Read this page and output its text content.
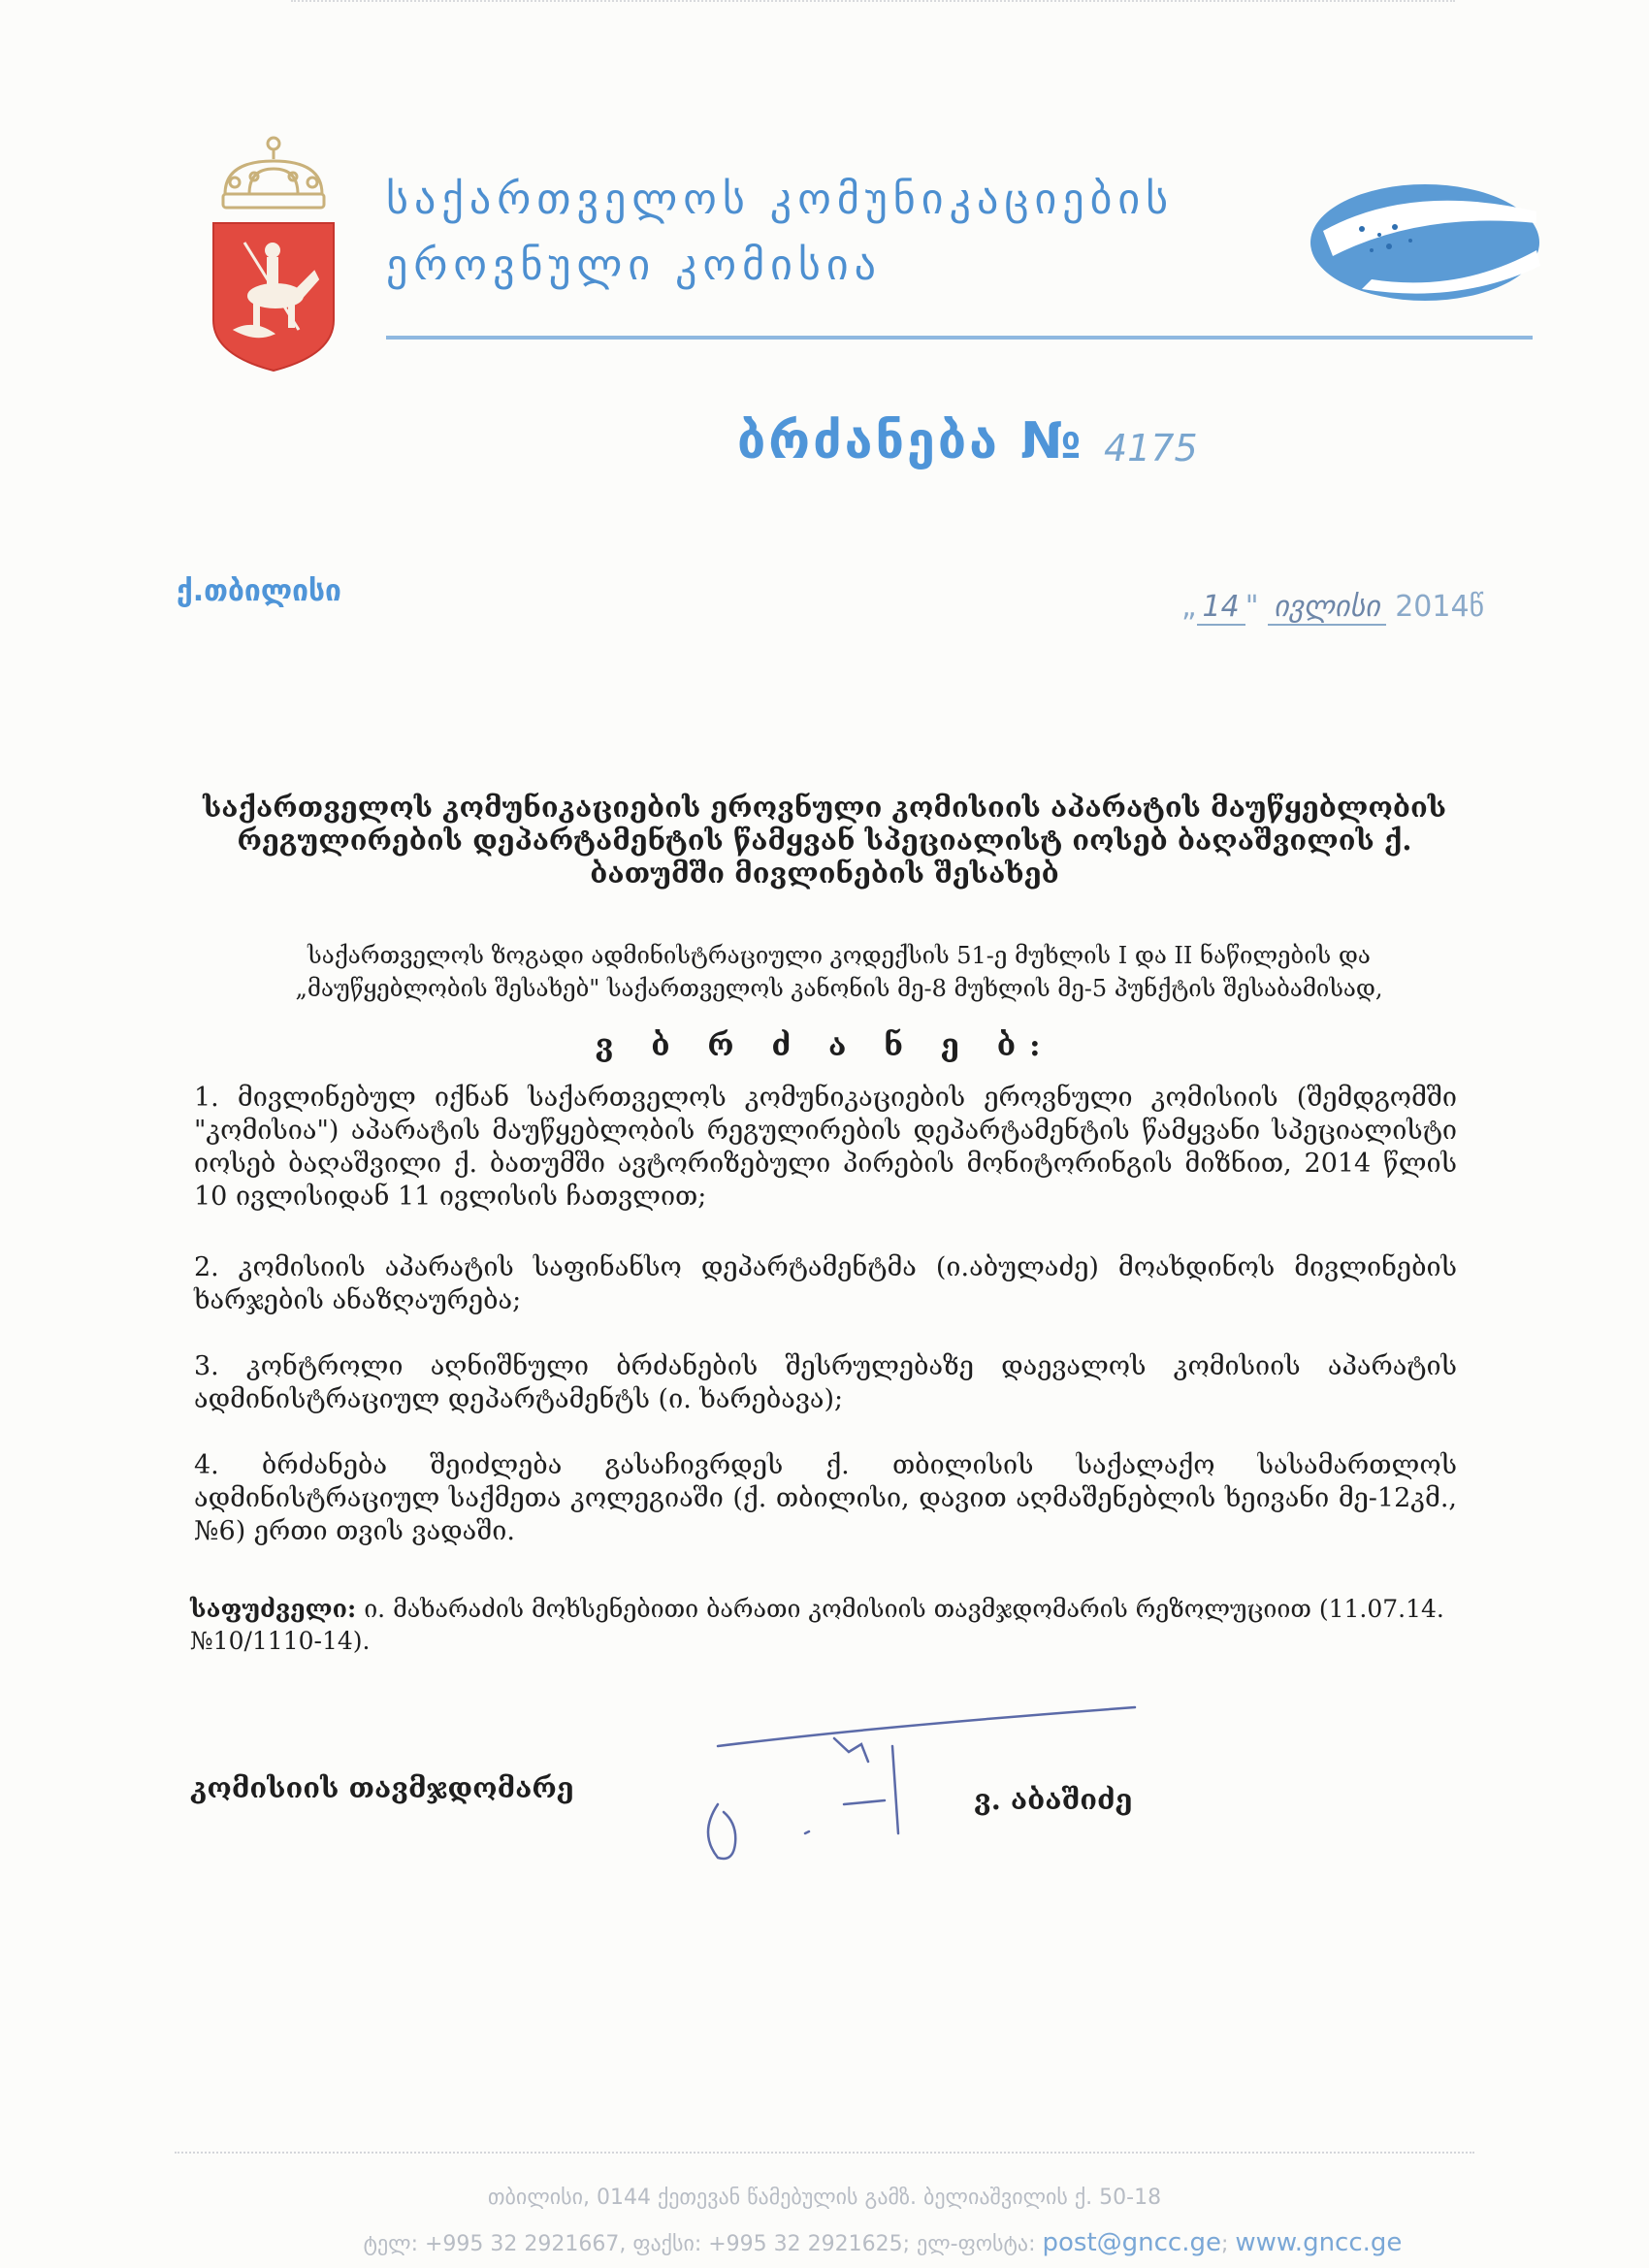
საქართველოს კომუნიკაციების
ეროვნული კომისია
ბრძანება № 4175
ქ.თბილისი	„ 14 " ივლისი 2014წ
საქართველოს კომუნიკაციების ეროვნული კომისიის აპარატის მაუწყებლობის რეგულირების დეპარტამენტის წამყვან სპეციალისტ იოსებ ბაღაშვილის ქ. ბათუმში მივლინების შესახებ
საქართველოს ზოგადი ადმინისტრაციული კოდექსის 51-ე მუხლის I და II ნაწილების და „მაუწყებლობის შესახებ" საქართველოს კანონის მე-8 მუხლის მე-5 პუნქტის შესაბამისად,
ვ ბ რ ძ ა ნ ე ბ:
1. მივლინებულ იქნან საქართველოს კომუნიკაციების ეროვნული კომისიის (შემდგომში "კომისია") აპარატის მაუწყებლობის რეგულირების დეპარტამენტის წამყვანი სპეციალისტი იოსებ ბაღაშვილი ქ. ბათუმში ავტორიზებული პირების მონიტორინგის მიზნით, 2014 წლის 10 ივლისიდან 11 ივლისის ჩათვლით;
2. კომისიის აპარატის საფინანსო დეპარტამენტმა (ი.აბულაძე) მოახდინოს მივლინების ხარჯების ანაზღაურება;
3. კონტროლი აღნიშნული ბრძანების შესრულებაზე დაევალოს კომისიის აპარატის ადმინისტრაციულ დეპარტამენტს (ი. ხარებავა);
4. ბრძანება შეიძლება გასაჩივრდეს ქ. თბილისის საქალაქო სასამართლოს ადმინისტრაციულ საქმეთა კოლეგიაში (ქ. თბილისი, დავით აღმაშენებლის ხეივანი მე-12კმ., №6) ერთი თვის ვადაში.
საფუძველი: ი. მახარაძის მოხსენებითი ბარათი კომისიის თავმჯდომარის რეზოლუციით (11.07.14. №10/1110-14).
კომისიის თავმჯდომარე	ვ. აბაშიძე
თბილისი, 0144 ქეთევან წამებულის გამზ. ბელიაშვილის ქ. 50-18
ტელ: +995 32 2921667, ფაქსი: +995 32 2921625; ელ-ფოსტა: post@gncc.ge; www.gncc.ge
